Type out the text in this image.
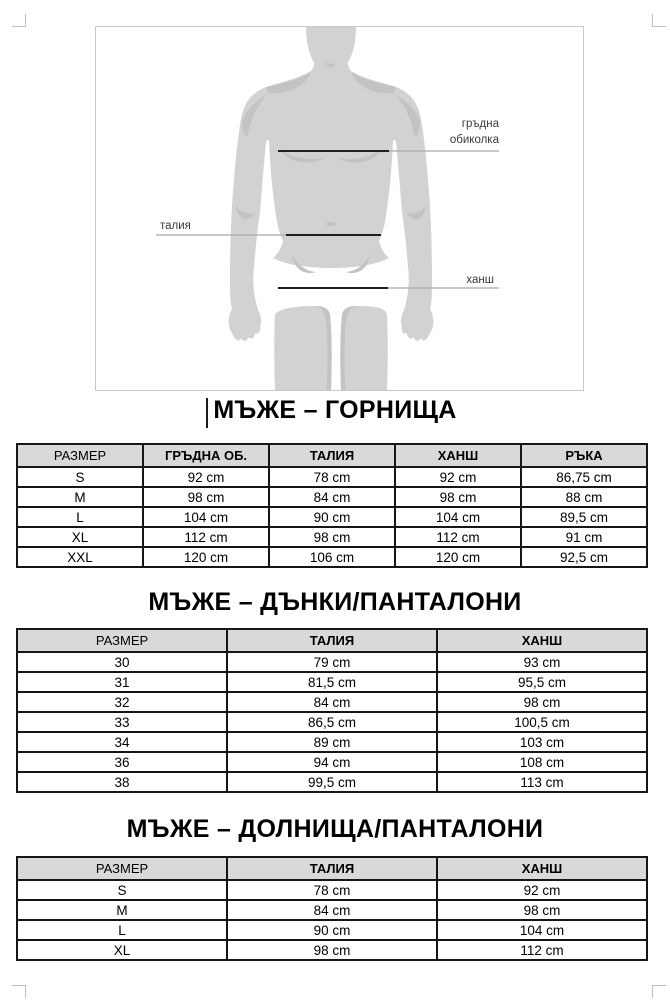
гръдна
обиколка
талия
ханш
МЪЖЕ – ГОРНИЩА
РАЗМЕР	ГРЪДНА ОБ.	ТАЛИЯ	ХАНШ	РЪКА
S	92 cm	78 cm	92 cm	86,75 cm
M	98 cm	84 cm	98 cm	88 cm
L	104 cm	90 cm	104 cm	89,5 cm
XL	112 cm	98 cm	112 cm	91 cm
XXL	120 cm	106 cm	120 cm	92,5 cm
МЪЖЕ – ДЪНКИ/ПАНТАЛОНИ
РАЗМЕР	ТАЛИЯ	ХАНШ
30	79 cm	93 cm
31	81,5 cm	95,5 cm
32	84 cm	98 cm
33	86,5 cm	100,5 cm
34	89 cm	103 cm
36	94 cm	108 cm
38	99,5 cm	113 cm
МЪЖЕ – ДОЛНИЩА/ПАНТАЛОНИ
РАЗМЕР	ТАЛИЯ	ХАНШ
S	78 cm	92 cm
M	84 cm	98 cm
L	90 cm	104 cm
XL	98 cm	112 cm
